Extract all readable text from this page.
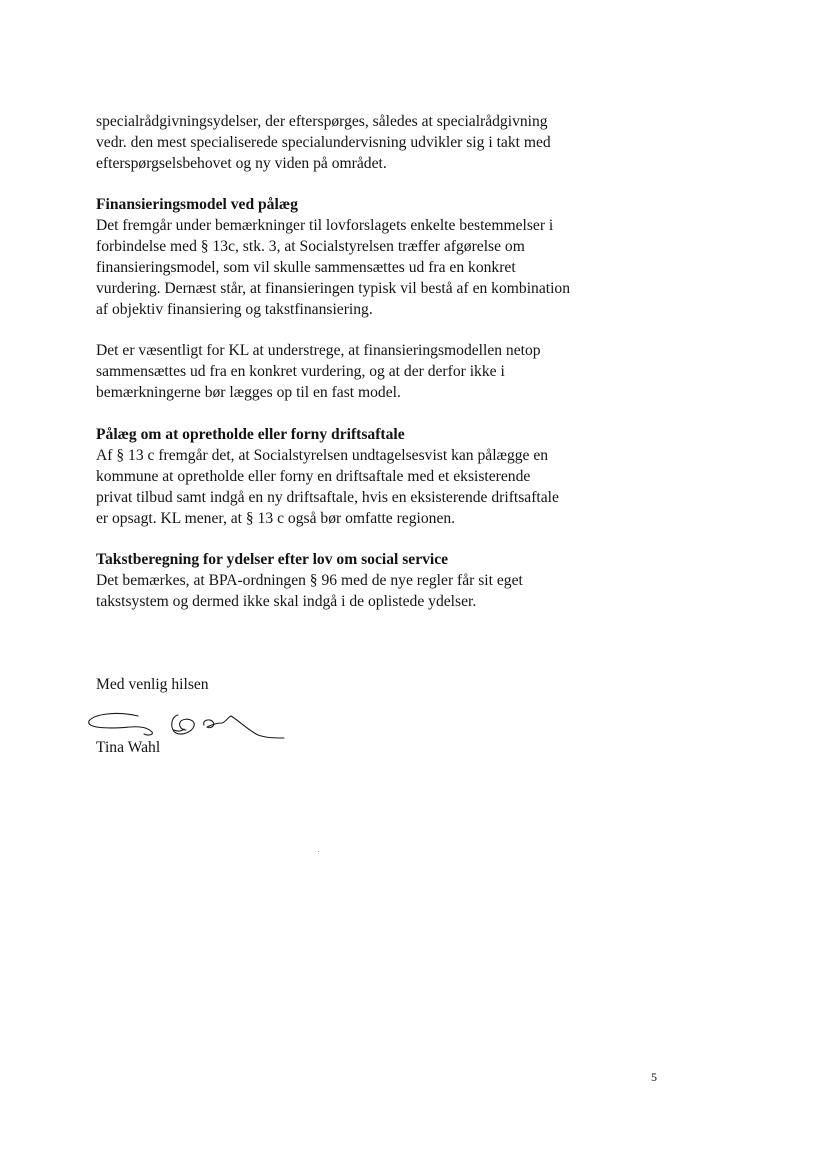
specialrådgivningsydelser, der efterspørges, således at specialrådgivning
vedr. den mest specialiserede specialundervisning udvikler sig i takt med
efterspørgselsbehovet og ny viden på området.
Finansieringsmodel ved pålæg
Det fremgår under bemærkninger til lovforslagets enkelte bestemmelser i
forbindelse med § 13c, stk. 3, at Socialstyrelsen træffer afgørelse om
finansieringsmodel, som vil skulle sammensættes ud fra en konkret
vurdering. Dernæst står, at finansieringen typisk vil bestå af en kombination
af objektiv finansiering og takstfinansiering.
Det er væsentligt for KL at understrege, at finansieringsmodellen netop
sammensættes ud fra en konkret vurdering, og at der derfor ikke i
bemærkningerne bør lægges op til en fast model.
Pålæg om at opretholde eller forny driftsaftale
Af § 13 c fremgår det, at Socialstyrelsen undtagelsesvist kan pålægge en
kommune at opretholde eller forny en driftsaftale med et eksisterende
privat tilbud samt indgå en ny driftsaftale, hvis en eksisterende driftsaftale
er opsagt. KL mener, at § 13 c også bør omfatte regionen.
Takstberegning for ydelser efter lov om social service
Det bemærkes, at BPA-ordningen § 96 med de nye regler får sit eget
takstsystem og dermed ikke skal indgå i de oplistede ydelser.
Med venlig hilsen
Tina Wahl
5
